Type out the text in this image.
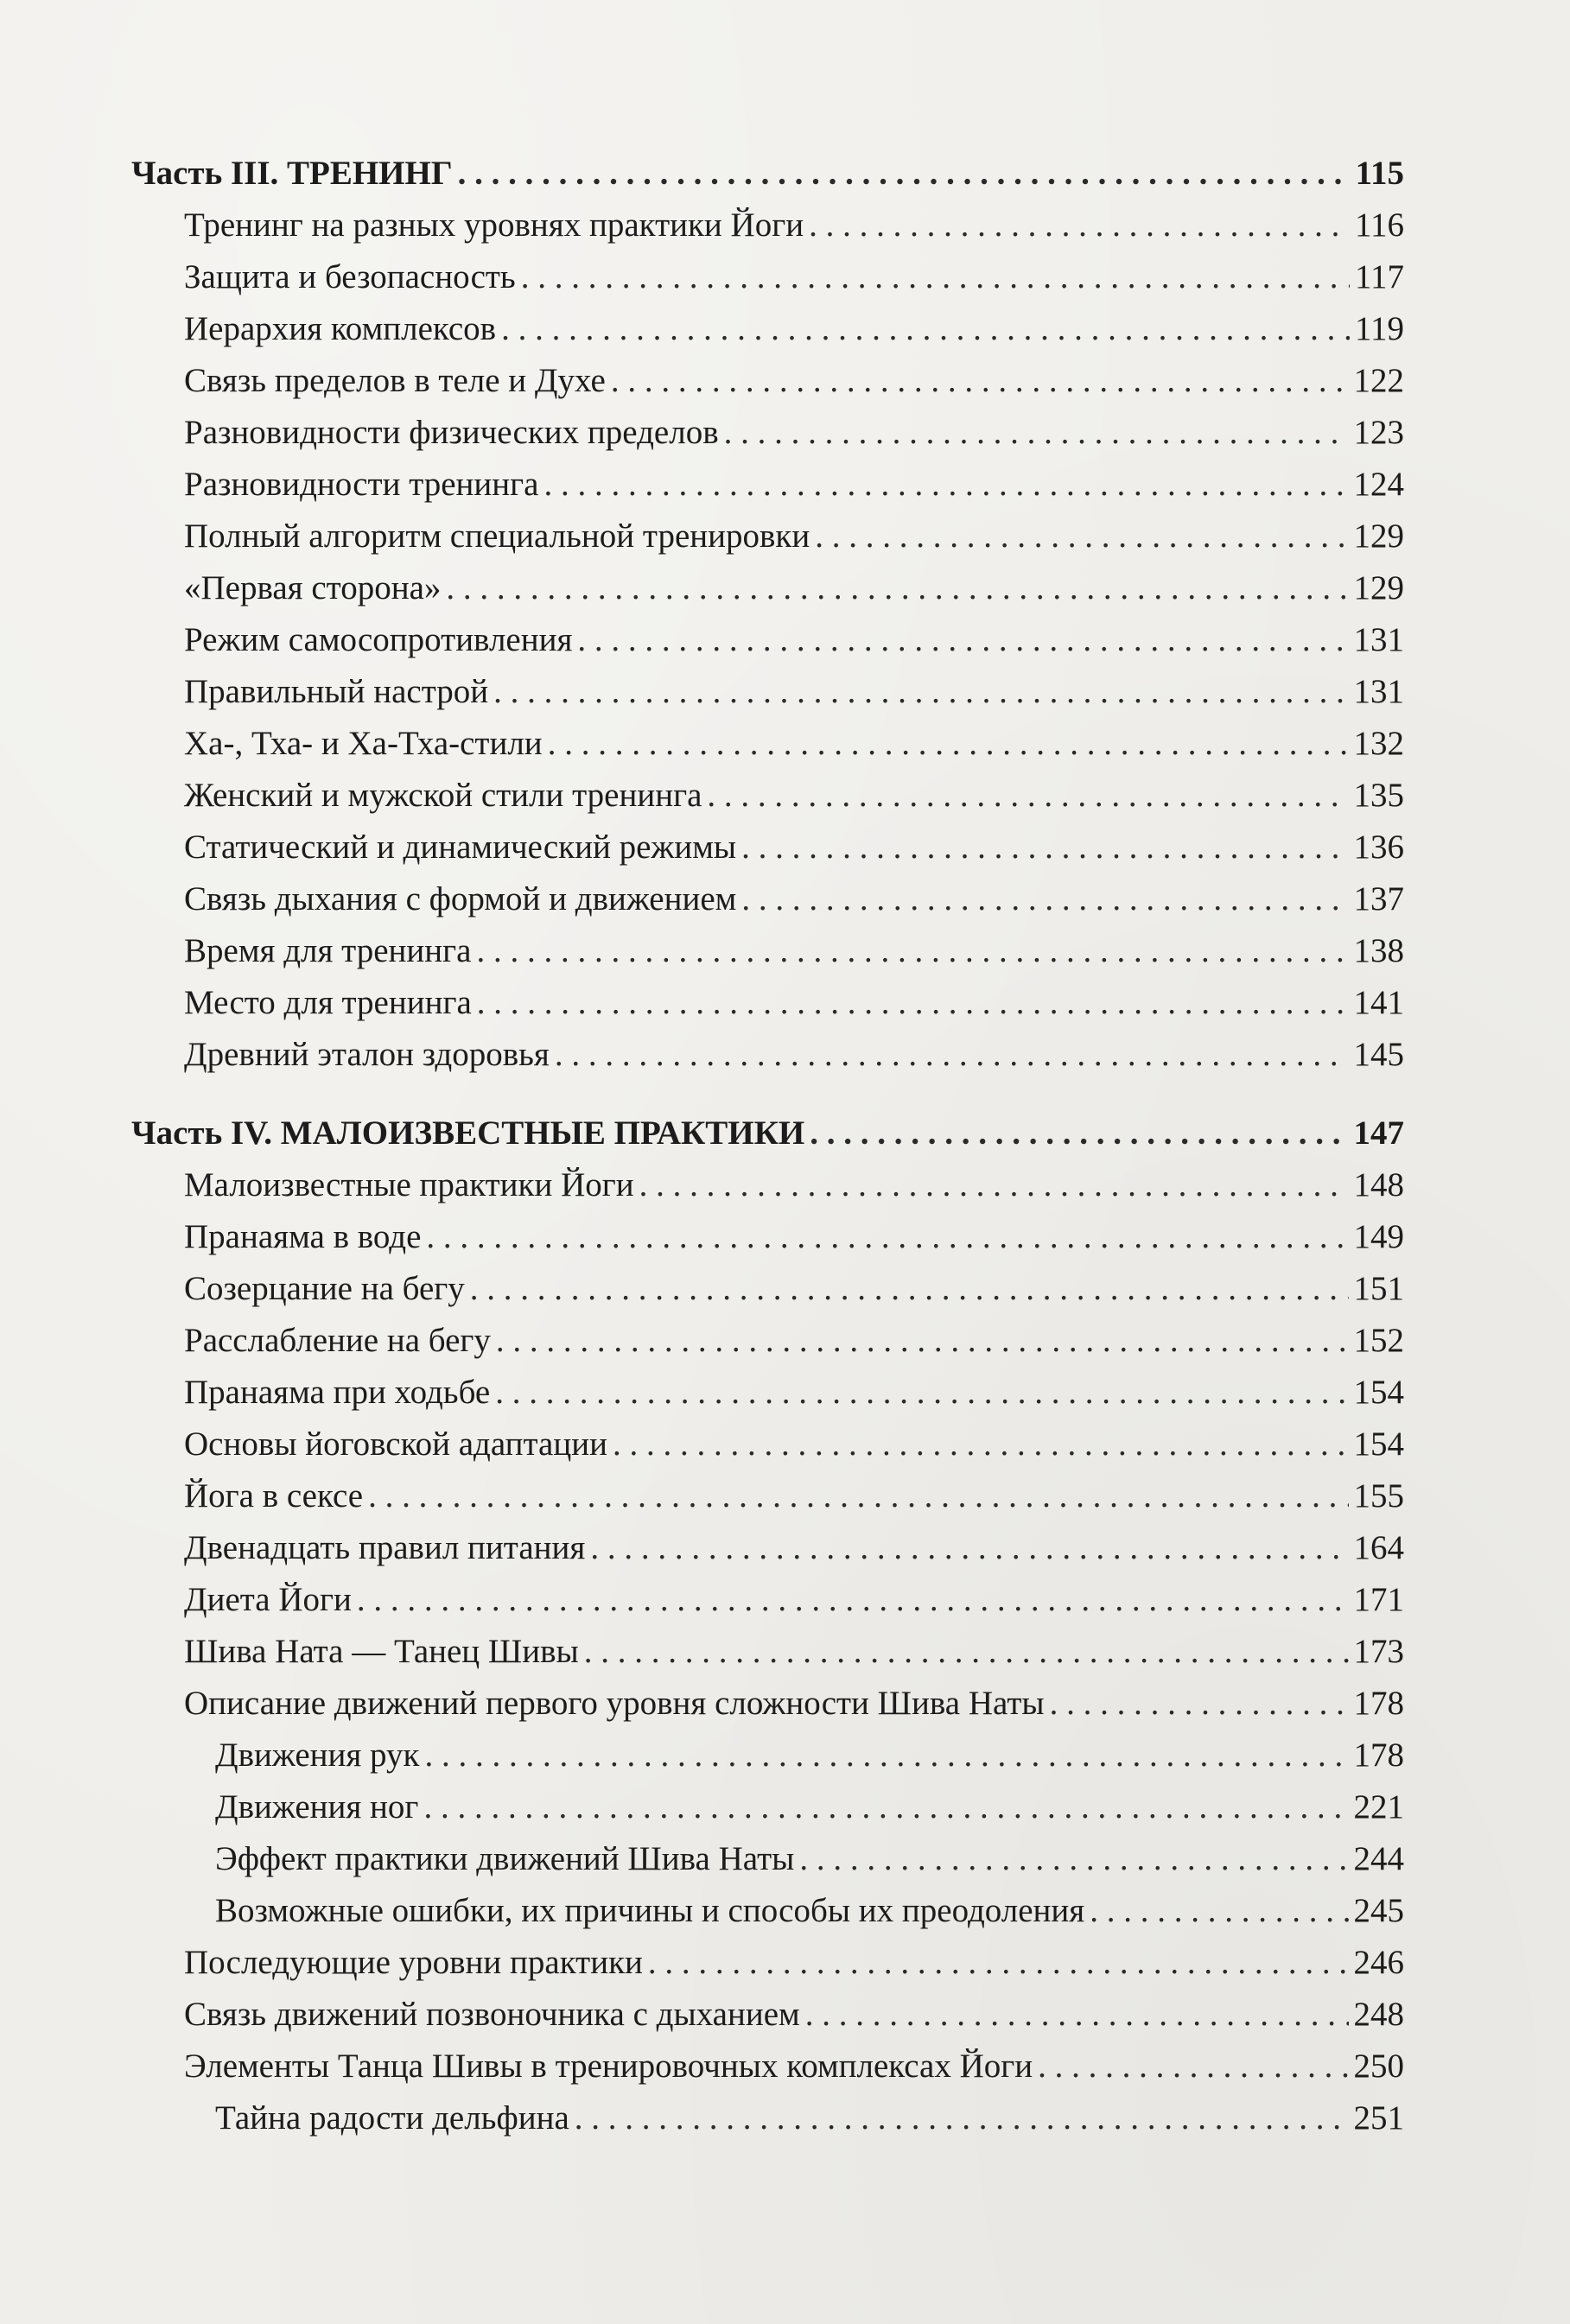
Часть III. ТРЕНИНГ . . .	115
Тренинг на разных уровнях практики Йоги . . .	116
Защита и безопасность . . .	117
Иерархия комплексов . . .	119
Связь пределов в теле и Духе . . .	122
Разновидности физических пределов . . .	123
Разновидности тренинга . . .	124
Полный алгоритм специальной тренировки . . .	129
«Первая сторона» . . .	129
Режим самосопротивления . . .	131
Правильный настрой . . .	131
Ха-, Тха- и Ха-Тха-стили . . .	132
Женский и мужской стили тренинга . . .	135
Статический и динамический режимы . . .	136
Связь дыхания с формой и движением . . .	137
Время для тренинга . . .	138
Место для тренинга . . .	141
Древний эталон здоровья . . .	145
Часть IV. МАЛОИЗВЕСТНЫЕ ПРАКТИКИ . . .	147
Малоизвестные практики Йоги . . .	148
Пранаяма в воде . . .	149
Созерцание на бегу . . .	151
Расслабление на бегу . . .	152
Пранаяма при ходьбе . . .	154
Основы йоговской адаптации . . .	154
Йога в сексе . . .	155
Двенадцать правил питания . . .	164
Диета Йоги . . .	171
Шива Ната — Танец Шивы . . .	173
Описание движений первого уровня сложности Шива Наты . . .	178
Движения рук . . .	178
Движения ног . . .	221
Эффект практики движений Шива Наты . . .	244
Возможные ошибки, их причины и способы их преодоления . . .	245
Последующие уровни практики . . .	246
Связь движений позвоночника с дыханием . . .	248
Элементы Танца Шивы в тренировочных комплексах Йоги . . .	250
Тайна радости дельфина . . .	251
